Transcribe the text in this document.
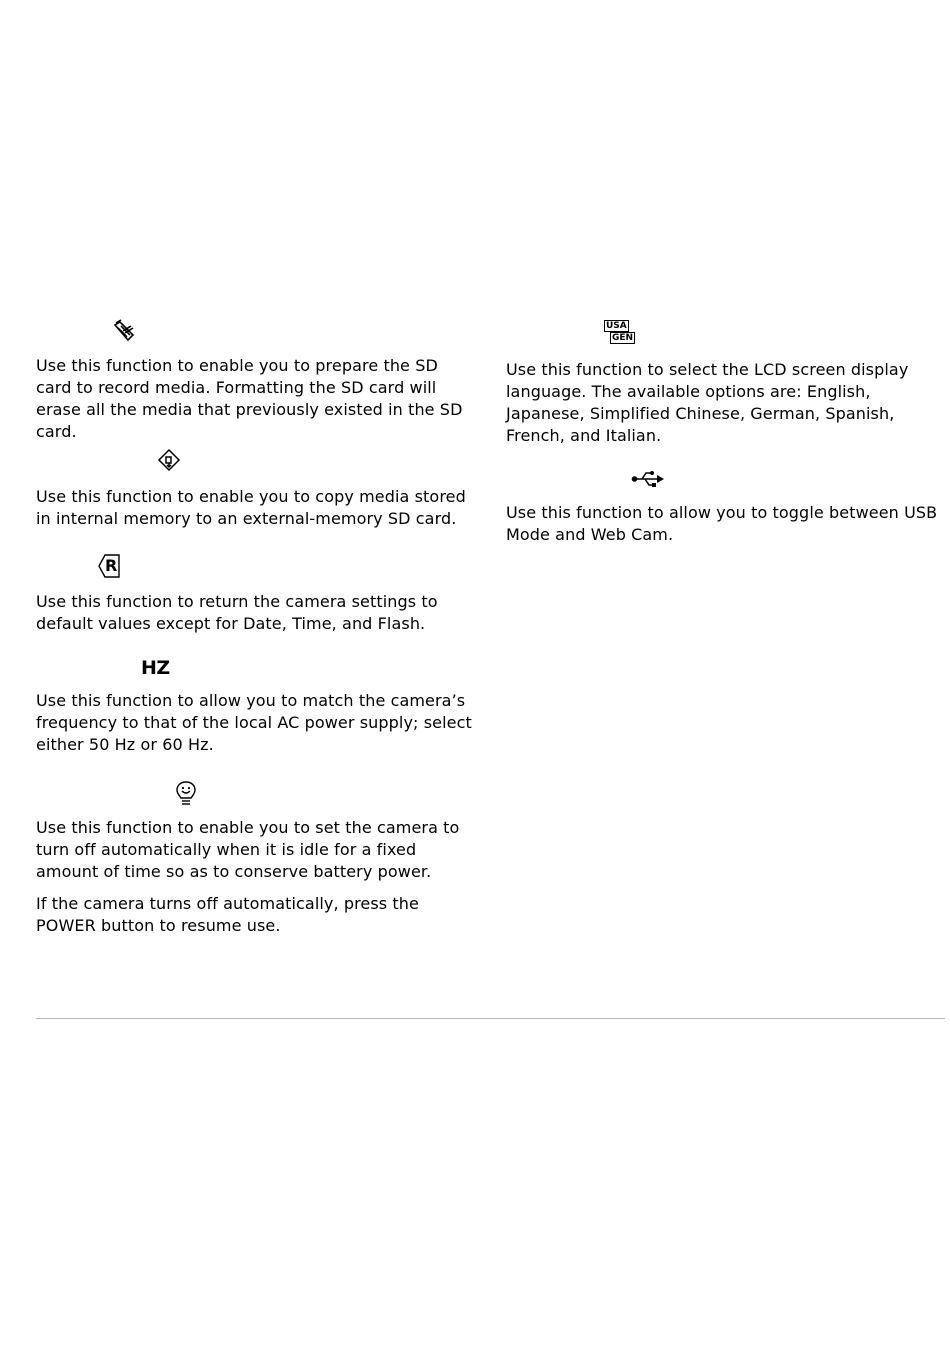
Use this function to enable you to prepare the SD card to record media. Formatting the SD card will erase all the media that previously existed in the SD card.

Use this function to enable you to copy media stored in internal memory to an external-memory SD card.

R

Use this function to return the camera settings to default values except for Date, Time, and Flash.

HZ

Use this function to allow you to match the camera’s frequency to that of the local AC power supply; select either 50 Hz or 60 Hz.

Use this function to enable you to set the camera to turn off automatically when it is idle for a fixed amount of time so as to conserve battery power.

If the camera turns off automatically, press the POWER button to resume use.

USA
GEN

Use this function to select the LCD screen display language. The available options are: English, Japanese, Simplified Chinese, German, Spanish, French, and Italian.

Use this function to allow you to toggle between USB Mode and Web Cam.
